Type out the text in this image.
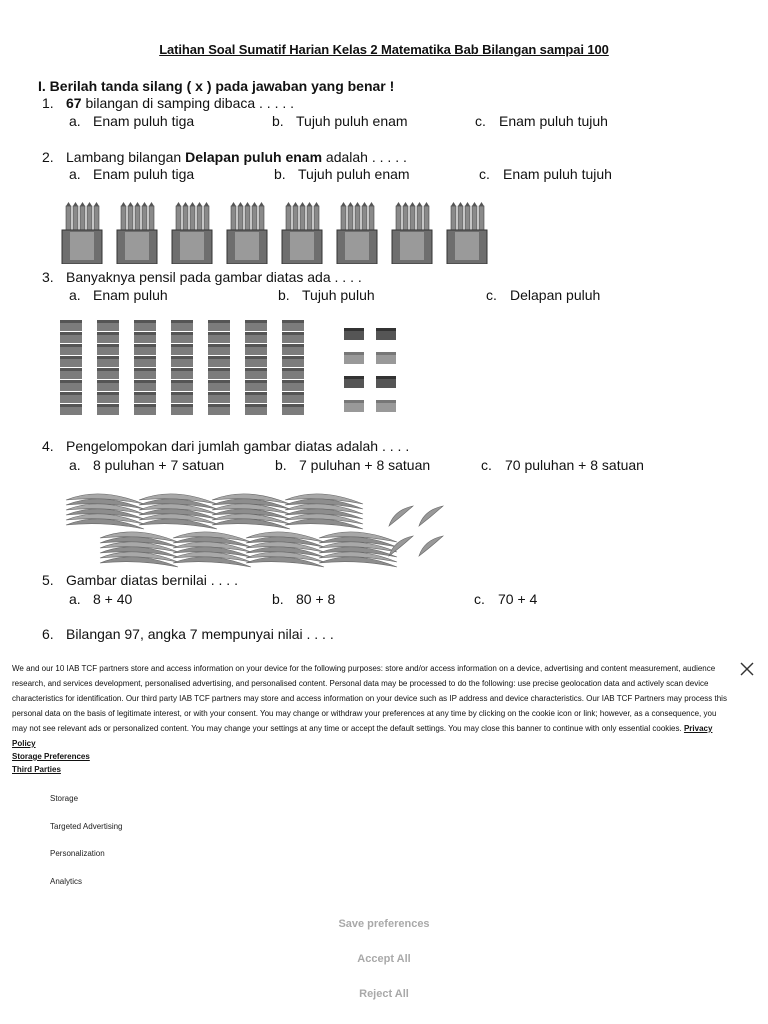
Latihan Soal Sumatif Harian Kelas 2 Matematika Bab Bilangan sampai 100
I. Berilah tanda silang ( x ) pada jawaban yang benar !
1. 67 bilangan di samping dibaca . . . . .
a. Enam puluh tiga	b. Tujuh puluh enam	c. Enam puluh tujuh
2. Lambang bilangan Delapan puluh enam adalah . . . . .
a. Enam puluh tiga	b. Tujuh puluh enam	c. Enam puluh tujuh
3. Banyaknya pensil pada gambar diatas ada . . . .
a. Enam puluh	b. Tujuh puluh	c. Delapan puluh
4. Pengelompokan dari jumlah gambar diatas adalah . . . .
a. 8 puluhan + 7 satuan	b. 7 puluhan + 8 satuan	c. 70 puluhan + 8 satuan
5. Gambar diatas bernilai . . . .
a. 8 + 40	b. 80 + 8	c. 70 + 4
6. Bilangan 97, angka 7 mempunyai nilai . . . .
We and our 10 IAB TCF partners store and access information on your device for the following purposes: store and/or access information on a device, advertising and content measurement, audience research, and services development, personalised advertising, and personalised content. Personal data may be processed to do the following: use precise geolocation data and actively scan device characteristics for identification. Our third party IAB TCF partners may store and access information on your device such as IP address and device characteristics. Our IAB TCF Partners may process this personal data on the basis of legitimate interest, or with your consent. You may change or withdraw your preferences at any time by clicking on the cookie icon or link; however, as a consequence, you may not see relevant ads or personalized content. You may change your settings at any time or accept the default settings. You may close this banner to continue with only essential cookies. Privacy Policy
Storage Preferences
Third Parties
Storage
Targeted Advertising
Personalization
Analytics
Save preferences
Accept All
Reject All
